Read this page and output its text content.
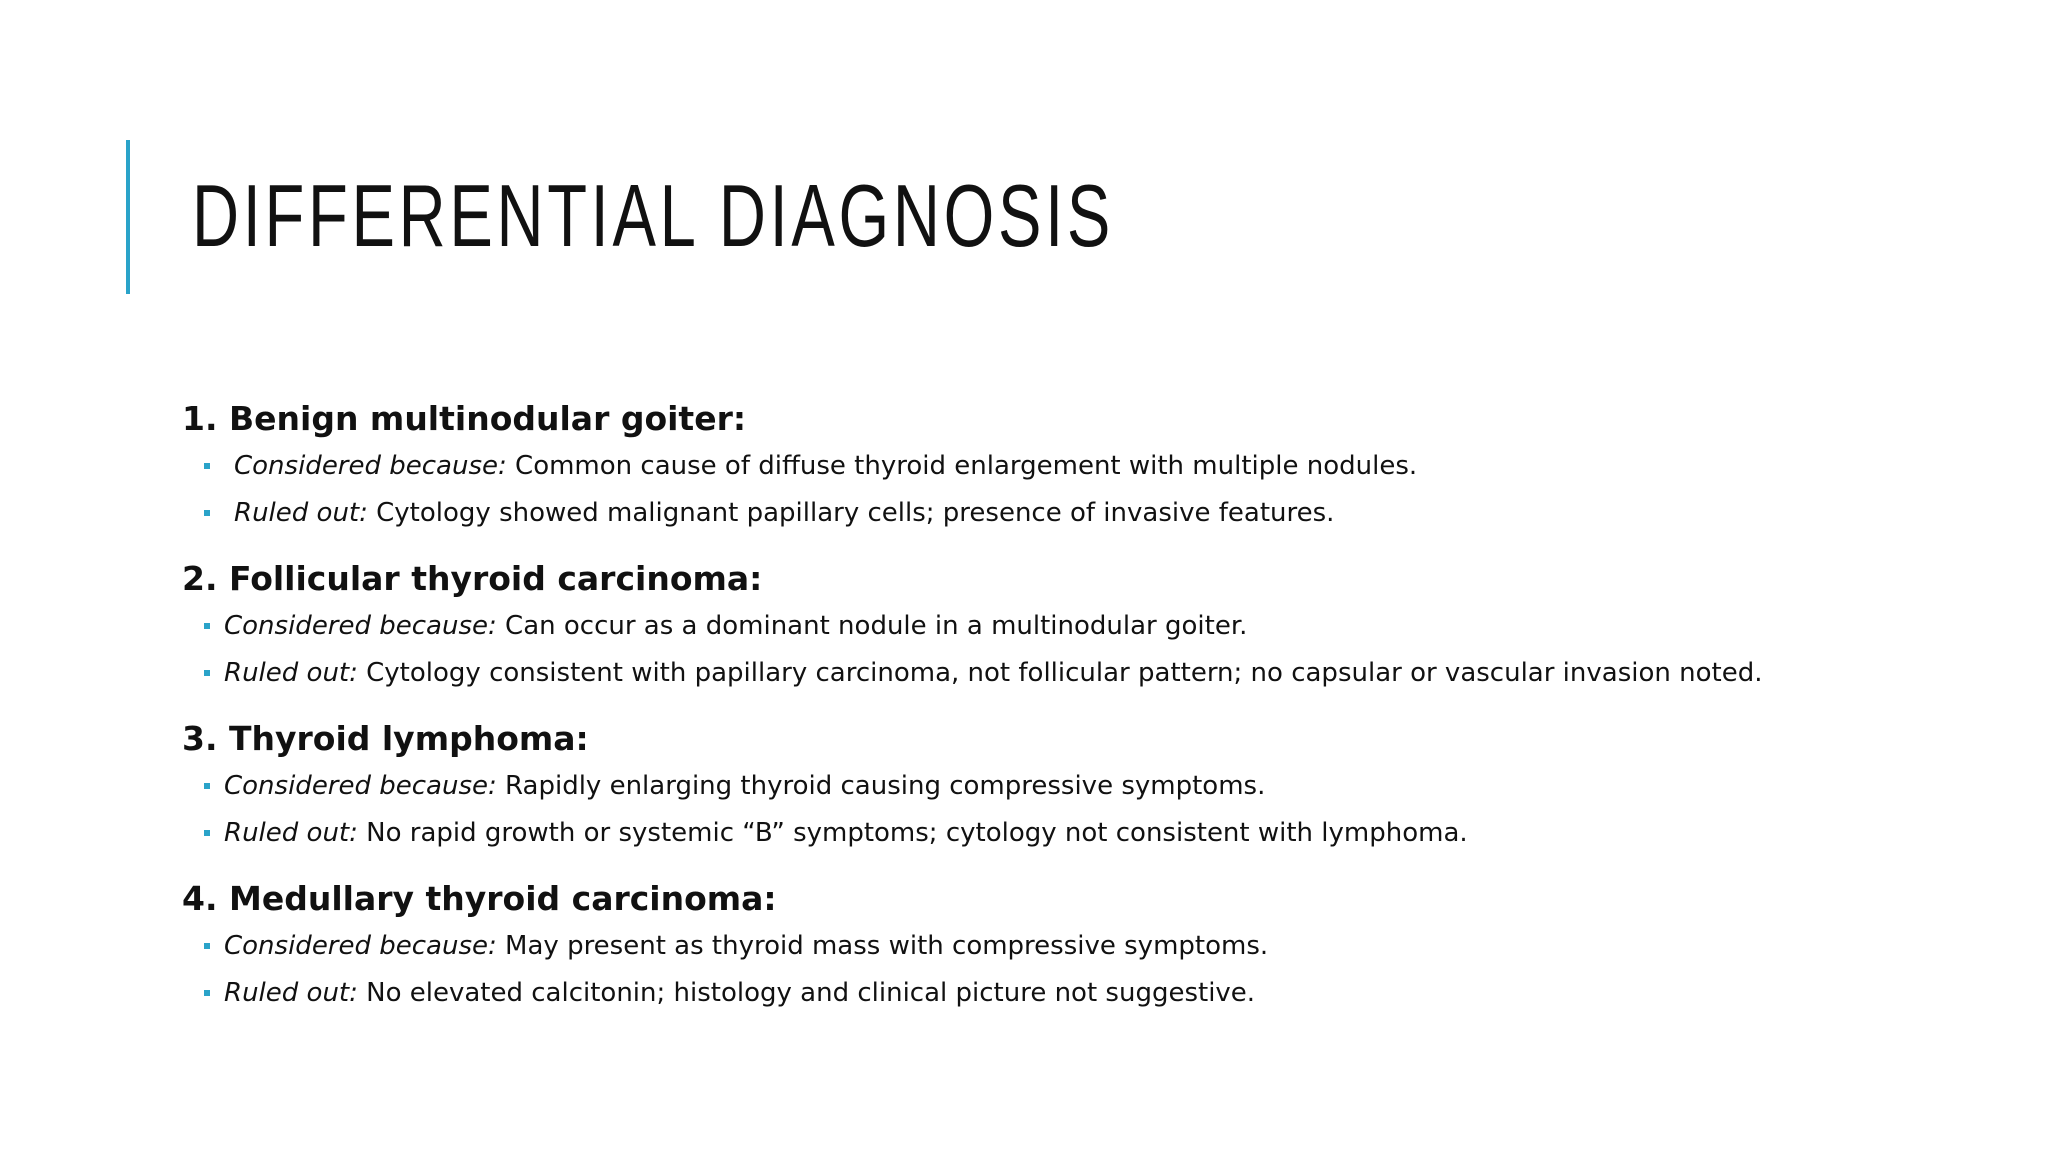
DIFFERENTIAL DIAGNOSIS

1. Benign multinodular goiter:

Considered because: Common cause of diffuse thyroid enlargement with multiple nodules.
Ruled out: Cytology showed malignant papillary cells; presence of invasive features.

2. Follicular thyroid carcinoma:

Considered because: Can occur as a dominant nodule in a multinodular goiter.
Ruled out: Cytology consistent with papillary carcinoma, not follicular pattern; no capsular or vascular invasion noted.

3. Thyroid lymphoma:

Considered because: Rapidly enlarging thyroid causing compressive symptoms.
Ruled out: No rapid growth or systemic “B” symptoms; cytology not consistent with lymphoma.

4. Medullary thyroid carcinoma:

Considered because: May present as thyroid mass with compressive symptoms.
Ruled out: No elevated calcitonin; histology and clinical picture not suggestive.
